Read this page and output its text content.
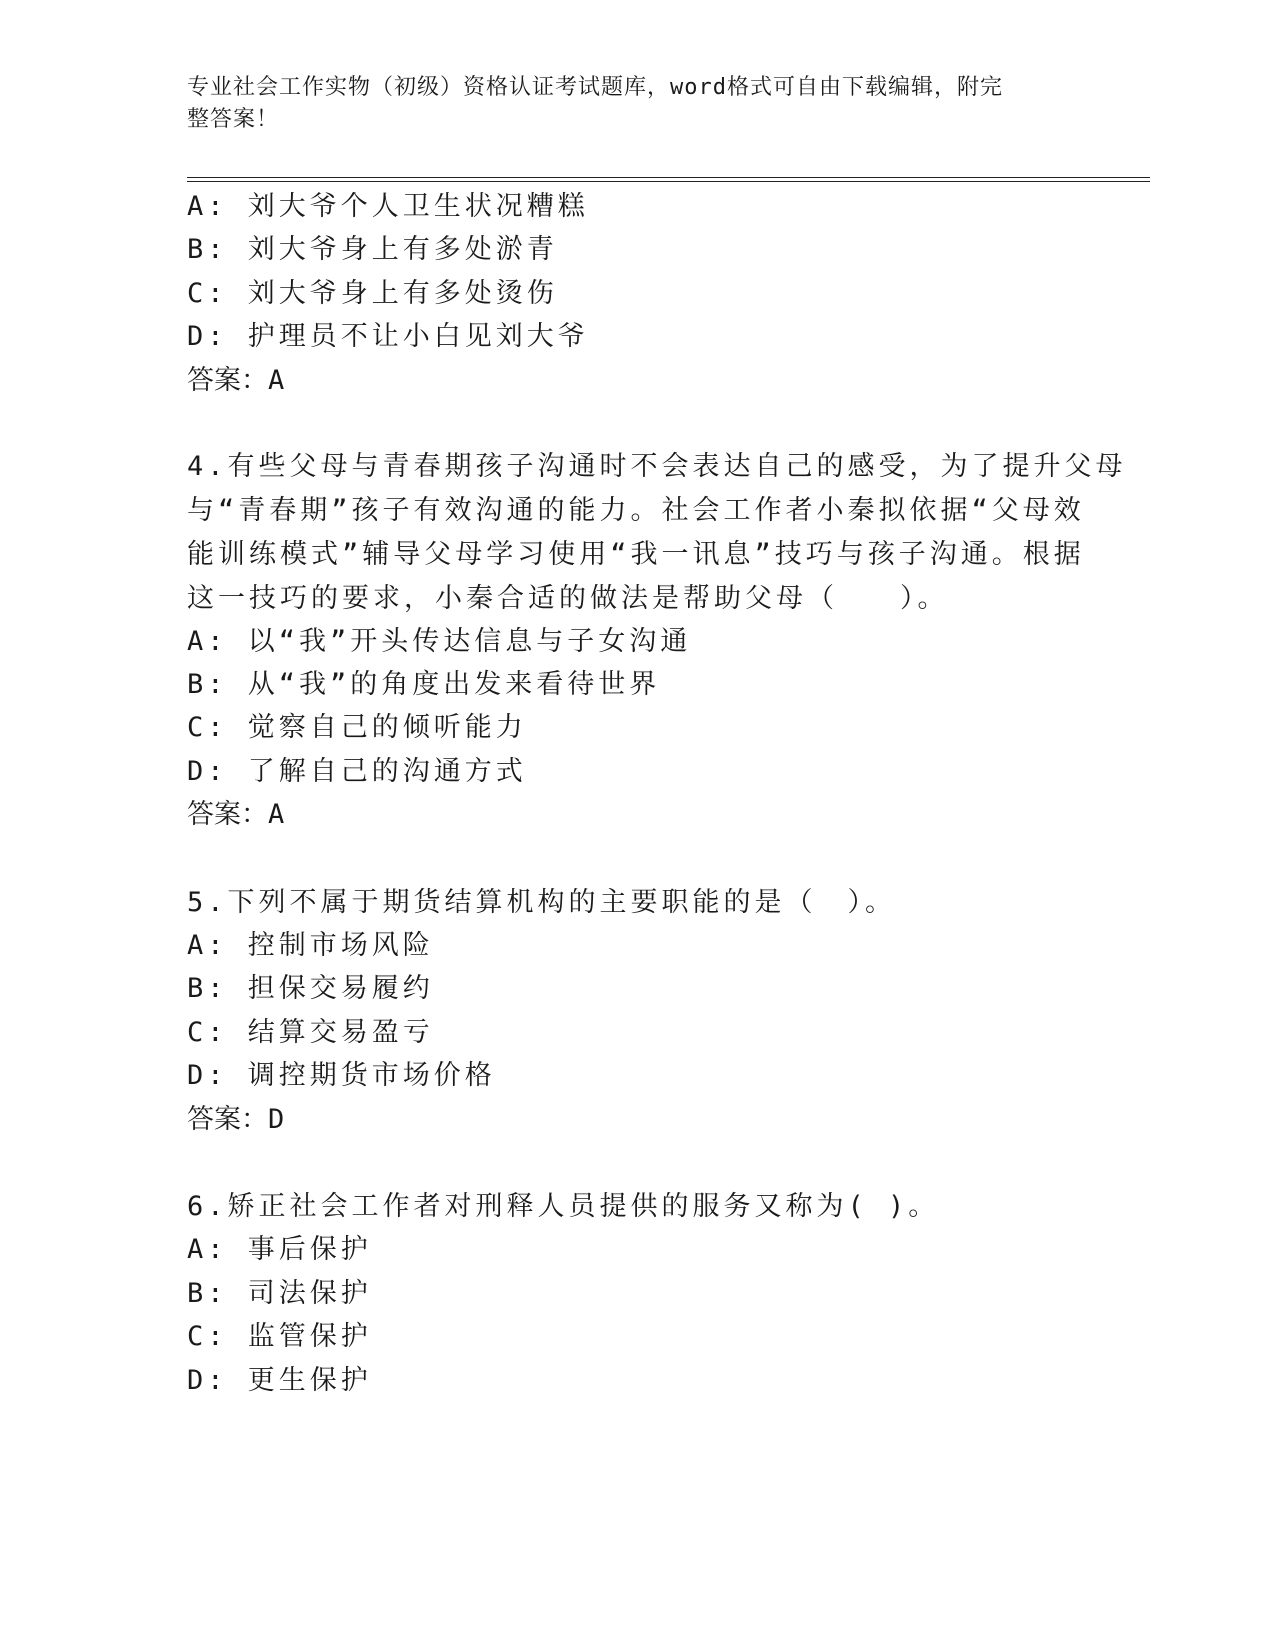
专业社会工作实物（初级）资格认证考试题库，word格式可自由下载编辑，附完
整答案！
A: 刘大爷个人卫生状况糟糕
B: 刘大爷身上有多处淤青
C: 刘大爷身上有多处烫伤
D: 护理员不让小白见刘大爷
答案：A
4.有些父母与青春期孩子沟通时不会表达自己的感受，为了提升父母
与“青春期”孩子有效沟通的能力。社会工作者小秦拟依据“父母效
能训练模式”辅导父母学习使用“我一讯息”技巧与孩子沟通。根据
这一技巧的要求，小秦合适的做法是帮助父母（　　）。
A: 以“我”开头传达信息与子女沟通
B: 从“我”的角度出发来看待世界
C: 觉察自己的倾听能力
D: 了解自己的沟通方式
答案：A
5.下列不属于期货结算机构的主要职能的是（　）。
A: 控制市场风险
B: 担保交易履约
C: 结算交易盈亏
D: 调控期货市场价格
答案：D
6.矫正社会工作者对刑释人员提供的服务又称为( )。
A: 事后保护
B: 司法保护
C: 监管保护
D: 更生保护
